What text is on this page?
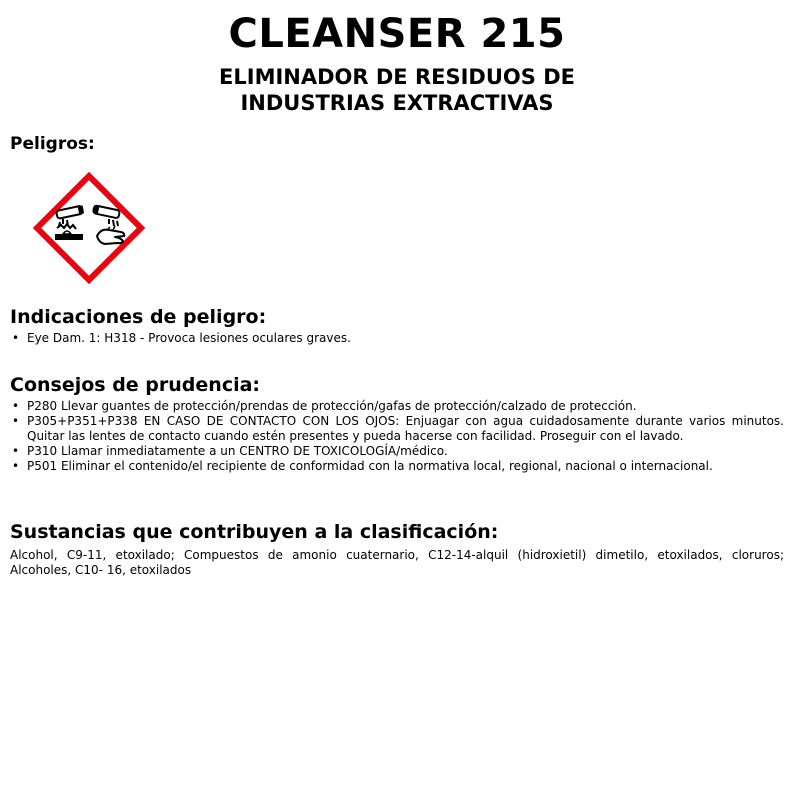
CLEANSER 215
ELIMINADOR DE RESIDUOS DE
INDUSTRIAS EXTRACTIVAS
Peligros:
Indicaciones de peligro:
• Eye Dam. 1: H318 - Provoca lesiones oculares graves.
Consejos de prudencia:
• P280 Llevar guantes de protección/prendas de protección/gafas de protección/calzado de protección.
• P305+P351+P338 EN CASO DE CONTACTO CON LOS OJOS: Enjuagar con agua cuidadosamente durante varios minutos. Quitar las lentes de contacto cuando estén presentes y pueda hacerse con facilidad. Proseguir con el lavado.
• P310 Llamar inmediatamente a un CENTRO DE TOXICOLOGÍA/médico.
• P501 Eliminar el contenido/el recipiente de conformidad con la normativa local, regional, nacional o internacional.
Sustancias que contribuyen a la clasificación:
Alcohol, C9-11, etoxilado; Compuestos de amonio cuaternario, C12-14-alquil (hidroxietil) dimetilo, etoxilados, cloruros; Alcoholes, C10- 16, etoxilados
